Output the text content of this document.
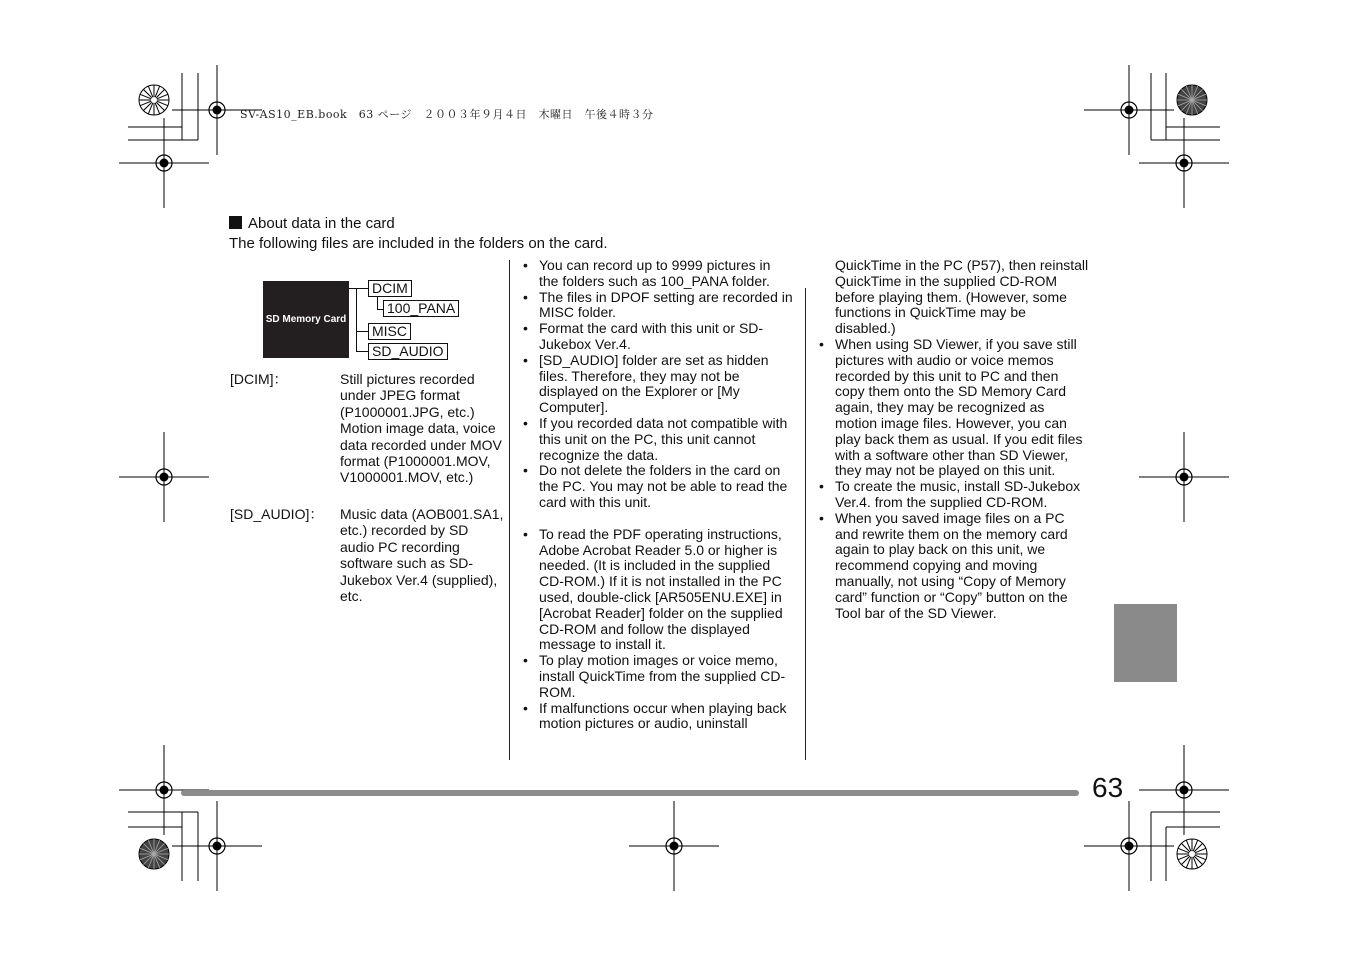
SV-AS10_EB.book　63 ページ　２００３年９月４日　木曜日　午後４時３分
About data in the card
The following files are included in the folders on the card.
SD Memory Card
DCIM
100_PANA
MISC
SD_AUDIO
[DCIM]：	Still pictures recorded under JPEG format (P1000001.JPG, etc.) Motion image data, voice data recorded under MOV format (P1000001.MOV, V1000001.MOV, etc.)
[SD_AUDIO]： Music data (AOB001.SA1, etc.) recorded by SD audio PC recording software such as SD-Jukebox Ver.4 (supplied), etc.
• You can record up to 9999 pictures in the folders such as 100_PANA folder.
• The files in DPOF setting are recorded in MISC folder.
• Format the card with this unit or SD-Jukebox Ver.4.
• [SD_AUDIO] folder are set as hidden files. Therefore, they may not be displayed on the Explorer or [My Computer].
• If you recorded data not compatible with this unit on the PC, this unit cannot recognize the data.
• Do not delete the folders in the card on the PC. You may not be able to read the card with this unit.
• To read the PDF operating instructions, Adobe Acrobat Reader 5.0 or higher is needed. (It is included in the supplied CD-ROM.) If it is not installed in the PC used, double-click [AR505ENU.EXE] in [Acrobat Reader] folder on the supplied CD-ROM and follow the displayed message to install it.
• To play motion images or voice memo, install QuickTime from the supplied CD-ROM.
• If malfunctions occur when playing back motion pictures or audio, uninstall
QuickTime in the PC (P57), then reinstall QuickTime in the supplied CD-ROM before playing them. (However, some functions in QuickTime may be disabled.)
• When using SD Viewer, if you save still pictures with audio or voice memos recorded by this unit to PC and then copy them onto the SD Memory Card again, they may be recognized as motion image files. However, you can play back them as usual. If you edit files with a software other than SD Viewer, they may not be played on this unit.
• To create the music, install SD-Jukebox Ver.4. from the supplied CD-ROM.
• When you saved image files on a PC and rewrite them on the memory card again to play back on this unit, we recommend copying and moving manually, not using “Copy of Memory card” function or “Copy” button on the Tool bar of the SD Viewer.
63
